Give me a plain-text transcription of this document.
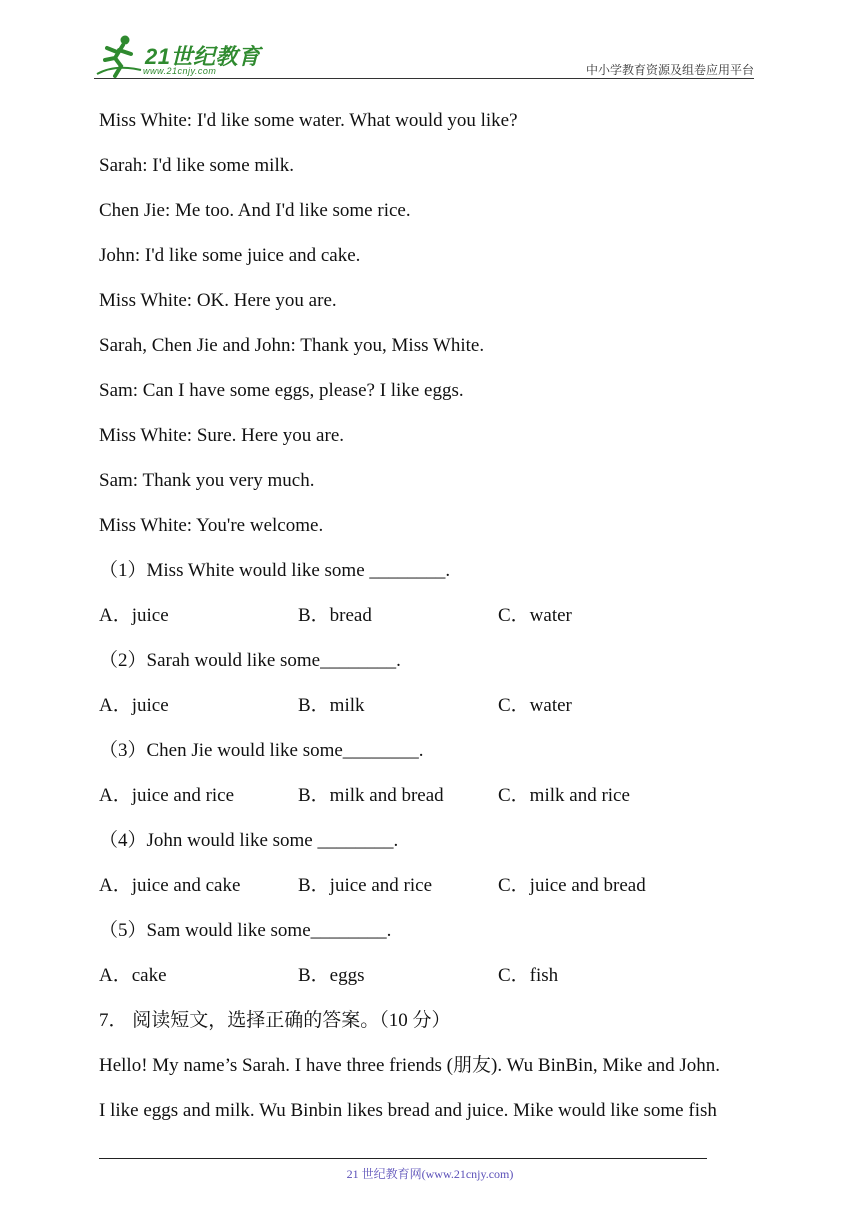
21世纪教育
www.21cnjy.com	中小学教育资源及组卷应用平台
Miss White: I'd like some water. What would you like?
Sarah: I'd like some milk.
Chen Jie: Me too. And I'd like some rice.
John: I'd like some juice and cake.
Miss White: OK. Here you are.
Sarah, Chen Jie and John: Thank you, Miss White.
Sam: Can I have some eggs, please? I like eggs.
Miss White: Sure. Here you are.
Sam: Thank you very much.
Miss White: You're welcome.
（1）Miss White would like some ________.
A．juice	B．bread	C．water
（2）Sarah would like some________.
A．juice	B．milk	C．water
（3）Chen Jie would like some________.
A．juice and rice	B．milk and bread	C．milk and rice
（4）John would like some ________.
A．juice and cake	B．juice and rice	C．juice and bread
（5）Sam would like some________.
A．cake	B．eggs	C．fish
7． 阅读短文，选择正确的答案。（10 分）
Hello! My name’s Sarah. I have three friends (朋友). Wu BinBin, Mike and John.
I like eggs and milk. Wu Binbin likes bread and juice. Mike would like some fish
21 世纪教育网(www.21cnjy.com)
